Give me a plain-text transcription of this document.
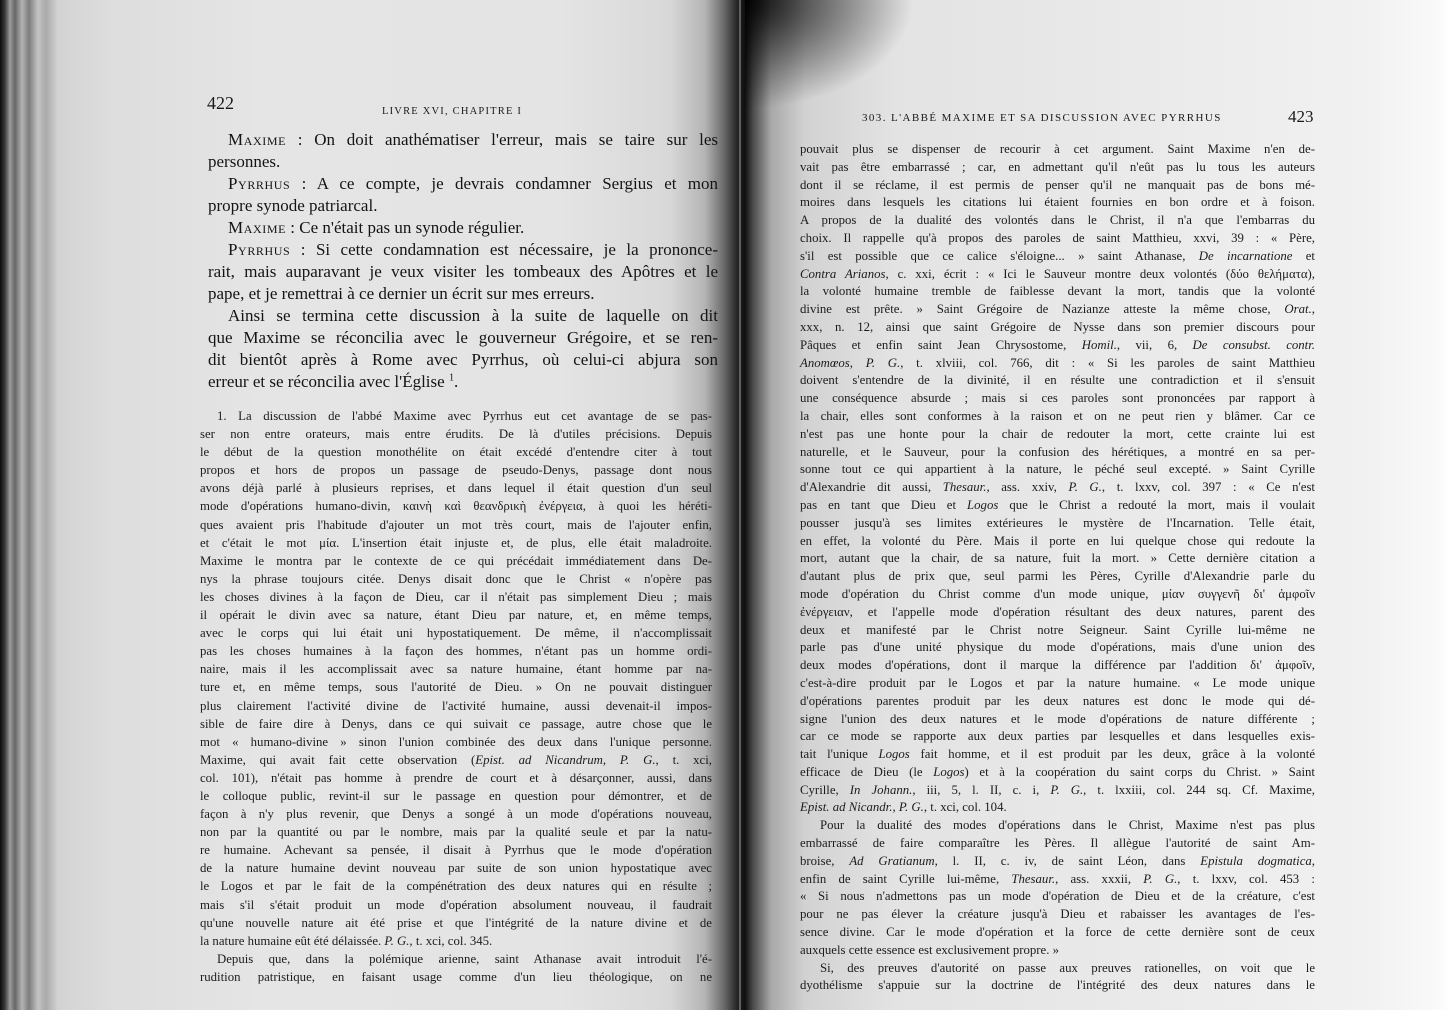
422	LIVRE XVI, CHAPITRE I
Maxime : On doit anathématiser l'erreur, mais se taire sur les
personnes.
Pyrrhus : A ce compte, je devrais condamner Sergius et mon
propre synode patriarcal.
Maxime : Ce n'était pas un synode régulier.
Pyrrhus : Si cette condamnation est nécessaire, je la prononce-
rait, mais auparavant je veux visiter les tombeaux des Apôtres et le
pape, et je remettrai à ce dernier un écrit sur mes erreurs.
Ainsi se termina cette discussion à la suite de laquelle on dit
que Maxime se réconcilia avec le gouverneur Grégoire, et se ren-
dit bientôt après à Rome avec Pyrrhus, où celui-ci abjura son
erreur et se réconcilia avec l'Église $^1$.
1. La discussion de l'abbé Maxime avec Pyrrhus eut cet avantage de se pas-
ser non entre orateurs, mais entre érudits. De là d'utiles précisions. Depuis
le début de la question monothélite on était excédé d'entendre citer à tout
propos et hors de propos un passage de pseudo-Denys, passage dont nous
avons déjà parlé à plusieurs reprises, et dans lequel il était question d'un seul
mode d'opérations humano-divin, καινὴ καὶ θεανδρικὴ ἐνέργεια, à quoi les héréti-
ques avaient pris l'habitude d'ajouter un mot très court, mais de l'ajouter enfin,
et c'était le mot μία. L'insertion était injuste et, de plus, elle était maladroite.
Maxime le montra par le contexte de ce qui précédait immédiatement dans De-
nys la phrase toujours citée. Denys disait donc que le Christ « n'opère pas
les choses divines à la façon de Dieu, car il n'était pas simplement Dieu ; mais
il opérait le divin avec sa nature, étant Dieu par nature, et, en même temps,
avec le corps qui lui était uni hypostatiquement. De même, il n'accomplissait
pas les choses humaines à la façon des hommes, n'étant pas un homme ordi-
naire, mais il les accomplissait avec sa nature humaine, étant homme par na-
ture et, en même temps, sous l'autorité de Dieu. » On ne pouvait distinguer
plus clairement l'activité divine de l'activité humaine, aussi devenait-il impos-
sible de faire dire à Denys, dans ce qui suivait ce passage, autre chose que le
mot « humano-divine » sinon l'union combinée des deux dans l'unique personne.
Maxime, qui avait fait cette observation (Epist. ad Nicandrum, P. G., t. xci,
col. 101), n'était pas homme à prendre de court et à désarçonner, aussi, dans
le colloque public, revint-il sur le passage en question pour démontrer, et de
façon à n'y plus revenir, que Denys a songé à un mode d'opérations nouveau,
non par la quantité ou par le nombre, mais par la qualité seule et par la natu-
re humaine. Achevant sa pensée, il disait à Pyrrhus que le mode d'opération
de la nature humaine devint nouveau par suite de son union hypostatique avec
le Logos et par le fait de la compénétration des deux natures qui en résulte ;
mais s'il s'était produit un mode d'opération absolument nouveau, il faudrait
qu'une nouvelle nature ait été prise et que l'intégrité de la nature divine et de
la nature humaine eût été délaissée. P. G., t. xci, col. 345.
Depuis que, dans la polémique arienne, saint Athanase avait introduit l'é-
rudition patristique, en faisant usage comme d'un lieu théologique, on ne
303. L'ABBÉ MAXIME ET SA DISCUSSION AVEC PYRRHUS	423
pouvait plus se dispenser de recourir à cet argument. Saint Maxime n'en de-
vait pas être embarrassé ; car, en admettant qu'il n'eût pas lu tous les auteurs
dont il se réclame, il est permis de penser qu'il ne manquait pas de bons mé-
moires dans lesquels les citations lui étaient fournies en bon ordre et à foison.
A propos de la dualité des volontés dans le Christ, il n'a que l'embarras du
choix. Il rappelle qu'à propos des paroles de saint Matthieu, xxvi, 39 : « Père,
s'il est possible que ce calice s'éloigne... » saint Athanase, De incarnatione et
Contra Arianos, c. xxi, écrit : « Ici le Sauveur montre deux volontés (δύο θελήματα),
la volonté humaine tremble de faiblesse devant la mort, tandis que la volonté
divine est prête. » Saint Grégoire de Nazianze atteste la même chose, Orat.,
xxx, n. 12, ainsi que saint Grégoire de Nysse dans son premier discours pour
Pâques et enfin saint Jean Chrysostome, Homil., vii, 6, De consubst. contr.
Anomœos, P. G., t. xlviii, col. 766, dit : « Si les paroles de saint Matthieu
doivent s'entendre de la divinité, il en résulte une contradiction et il s'ensuit
une conséquence absurde ; mais si ces paroles sont prononcées par rapport à
la chair, elles sont conformes à la raison et on ne peut rien y blâmer. Car ce
n'est pas une honte pour la chair de redouter la mort, cette crainte lui est
naturelle, et le Sauveur, pour la confusion des hérétiques, a montré en sa per-
sonne tout ce qui appartient à la nature, le péché seul excepté. » Saint Cyrille
d'Alexandrie dit aussi, Thesaur., ass. xxiv, P. G., t. lxxv, col. 397 : « Ce n'est
pas en tant que Dieu et Logos que le Christ a redouté la mort, mais il voulait
pousser jusqu'à ses limites extérieures le mystère de l'Incarnation. Telle était,
en effet, la volonté du Père. Mais il porte en lui quelque chose qui redoute la
mort, autant que la chair, de sa nature, fuit la mort. » Cette dernière citation a
d'autant plus de prix que, seul parmi les Pères, Cyrille d'Alexandrie parle du
mode d'opération du Christ comme d'un mode unique, μίαν συγγενῆ δι' ἀμφοῖν
ἐνέργειαν, et l'appelle mode d'opération résultant des deux natures, parent des
deux et manifesté par le Christ notre Seigneur. Saint Cyrille lui-même ne
parle pas d'une unité physique du mode d'opérations, mais d'une union des
deux modes d'opérations, dont il marque la différence par l'addition δι' ἀμφοῖν,
c'est-à-dire produit par le Logos et par la nature humaine. « Le mode unique
d'opérations parentes produit par les deux natures est donc le mode qui dé-
signe l'union des deux natures et le mode d'opérations de nature différente ;
car ce mode se rapporte aux deux parties par lesquelles et dans lesquelles exis-
tait l'unique Logos fait homme, et il est produit par les deux, grâce à la volonté
efficace de Dieu (le Logos) et à la coopération du saint corps du Christ. » Saint
Cyrille, In Johann., iii, 5, l. II, c. i, P. G., t. lxxiii, col. 244 sq. Cf. Maxime,
Epist. ad Nicandr., P. G., t. xci, col. 104.
Pour la dualité des modes d'opérations dans le Christ, Maxime n'est pas plus
embarrassé de faire comparaître les Pères. Il allègue l'autorité de saint Am-
broise, Ad Gratianum, l. II, c. iv, de saint Léon, dans Epistula dogmatica,
enfin de saint Cyrille lui-même, Thesaur., ass. xxxii, P. G., t. lxxv, col. 453 :
« Si nous n'admettons pas un mode d'opération de Dieu et de la créature, c'est
pour ne pas élever la créature jusqu'à Dieu et rabaisser les avantages de l'es-
sence divine. Car le mode d'opération et la force de cette dernière sont de ceux
auxquels cette essence est exclusivement propre. »
Si, des preuves d'autorité on passe aux preuves rationelles, on voit que le
dyothélisme s'appuie sur la doctrine de l'intégrité des deux natures dans le
